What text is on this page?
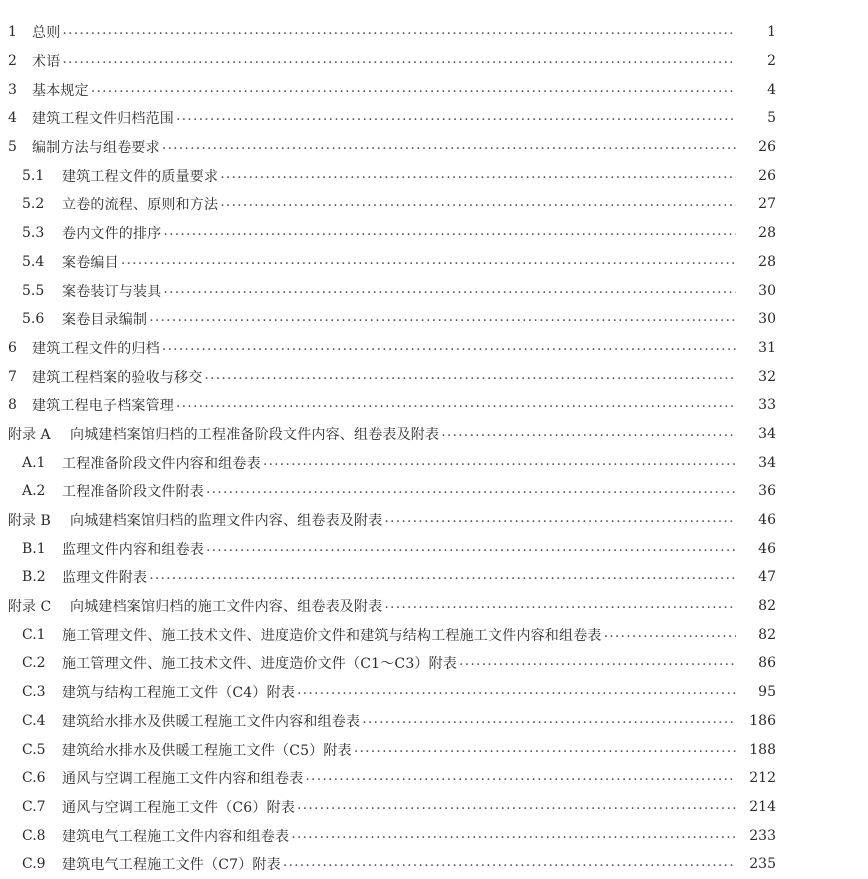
1	总则 .....	1
2	术语 .....	2
3	基本规定 .....	4
4	建筑工程文件归档范围 .....	5
5	编制方法与组卷要求 .....	26
5.1	建筑工程文件的质量要求 .....	26
5.2	立卷的流程、原则和方法 .....	27
5.3	卷内文件的排序 .....	28
5.4	案卷编目 .....	28
5.5	案卷装订与装具 .....	30
5.6	案卷目录编制 .....	30
6	建筑工程文件的归档 .....	31
7	建筑工程档案的验收与移交 .....	32
8	建筑工程电子档案管理 .....	33
附录 A	向城建档案馆归档的工程准备阶段文件内容、组卷表及附表 .....	34
A.1	工程准备阶段文件内容和组卷表 .....	34
A.2	工程准备阶段文件附表 .....	36
附录 B	向城建档案馆归档的监理文件内容、组卷表及附表 .....	46
B.1	监理文件内容和组卷表 .....	46
B.2	监理文件附表 .....	47
附录 C	向城建档案馆归档的施工文件内容、组卷表及附表 .....	82
C.1	施工管理文件、施工技术文件、进度造价文件和建筑与结构工程施工文件内容和组卷表 .....	82
C.2	施工管理文件、施工技术文件、进度造价文件（C1～C3）附表 .....	86
C.3	建筑与结构工程施工文件（C4）附表 .....	95
C.4	建筑给水排水及供暖工程施工文件内容和组卷表 .....	186
C.5	建筑给水排水及供暖工程施工文件（C5）附表 .....	188
C.6	通风与空调工程施工文件内容和组卷表 .....	212
C.7	通风与空调工程施工文件（C6）附表 .....	214
C.8	建筑电气工程施工文件内容和组卷表 .....	233
C.9	建筑电气工程施工文件（C7）附表 .....	235
